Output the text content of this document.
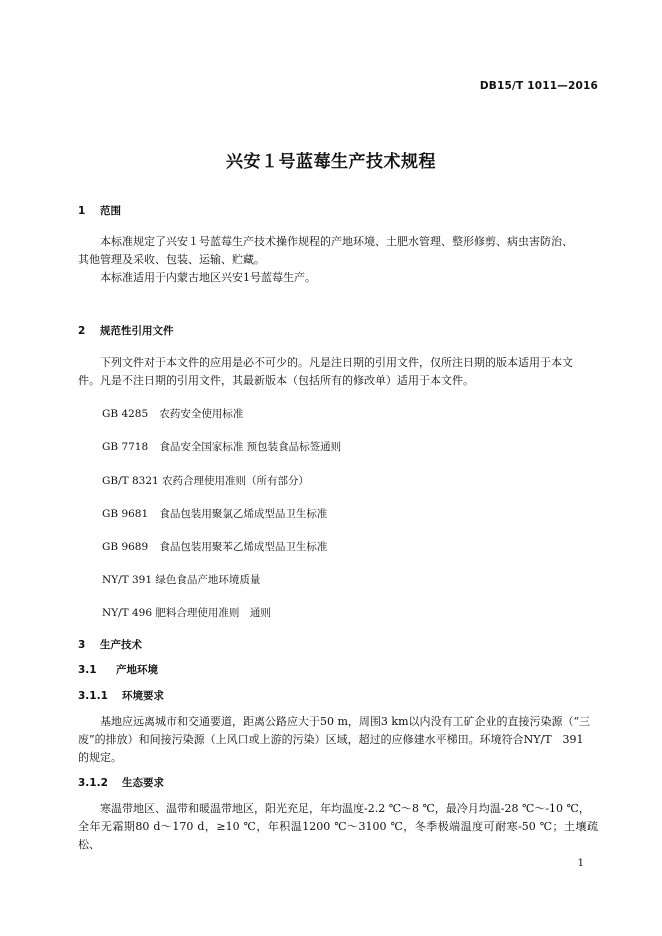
DB15/T 1011—2016
兴安１号蓝莓生产技术规程
1 范围

本标准规定了兴安１号蓝莓生产技术操作规程的产地环境、土肥水管理、整形修剪、病虫害防治、

其他管理及采收、包装、运输、贮藏。

本标准适用于内蒙古地区兴安1号蓝莓生产。

2 规范性引用文件

下列文件对于本文件的应用是必不可少的。凡是注日期的引用文件，仅所注日期的版本适用于本文

件。凡是不注日期的引用文件，其最新版本（包括所有的修改单）适用于本文件。

GB 4285 农药安全使用标准
GB 7718 食品安全国家标准 预包装食品标签通则
GB/T 8321 农药合理使用准则（所有部分）
GB 9681 食品包装用聚氯乙烯成型品卫生标准
GB 9689 食品包装用聚苯乙烯成型品卫生标准
NY/T 391 绿色食品产地环境质量
NY/T 496 肥料合理使用准则　通则
3 生产技术
3.1 产地环境
3.1.1 环境要求

基地应远离城市和交通要道，距离公路应大于50 m，周围3 km以内没有工矿企业的直接污染源（“三

废”的排放）和间接污染源（上风口或上游的污染）区域，超过的应修建水平梯田。环境符合NY/T　391

的规定。

3.1.2 生态要求

寒温带地区、温带和暖温带地区，阳光充足，年均温度-2.2 ℃～8 ℃，最冷月均温-28 ℃～-10 ℃，

全年无霜期80 d～170 d，≥10 ℃，年积温1200 ℃～3100 ℃，冬季极端温度可耐寒-50 ℃；土壤疏松、

1
